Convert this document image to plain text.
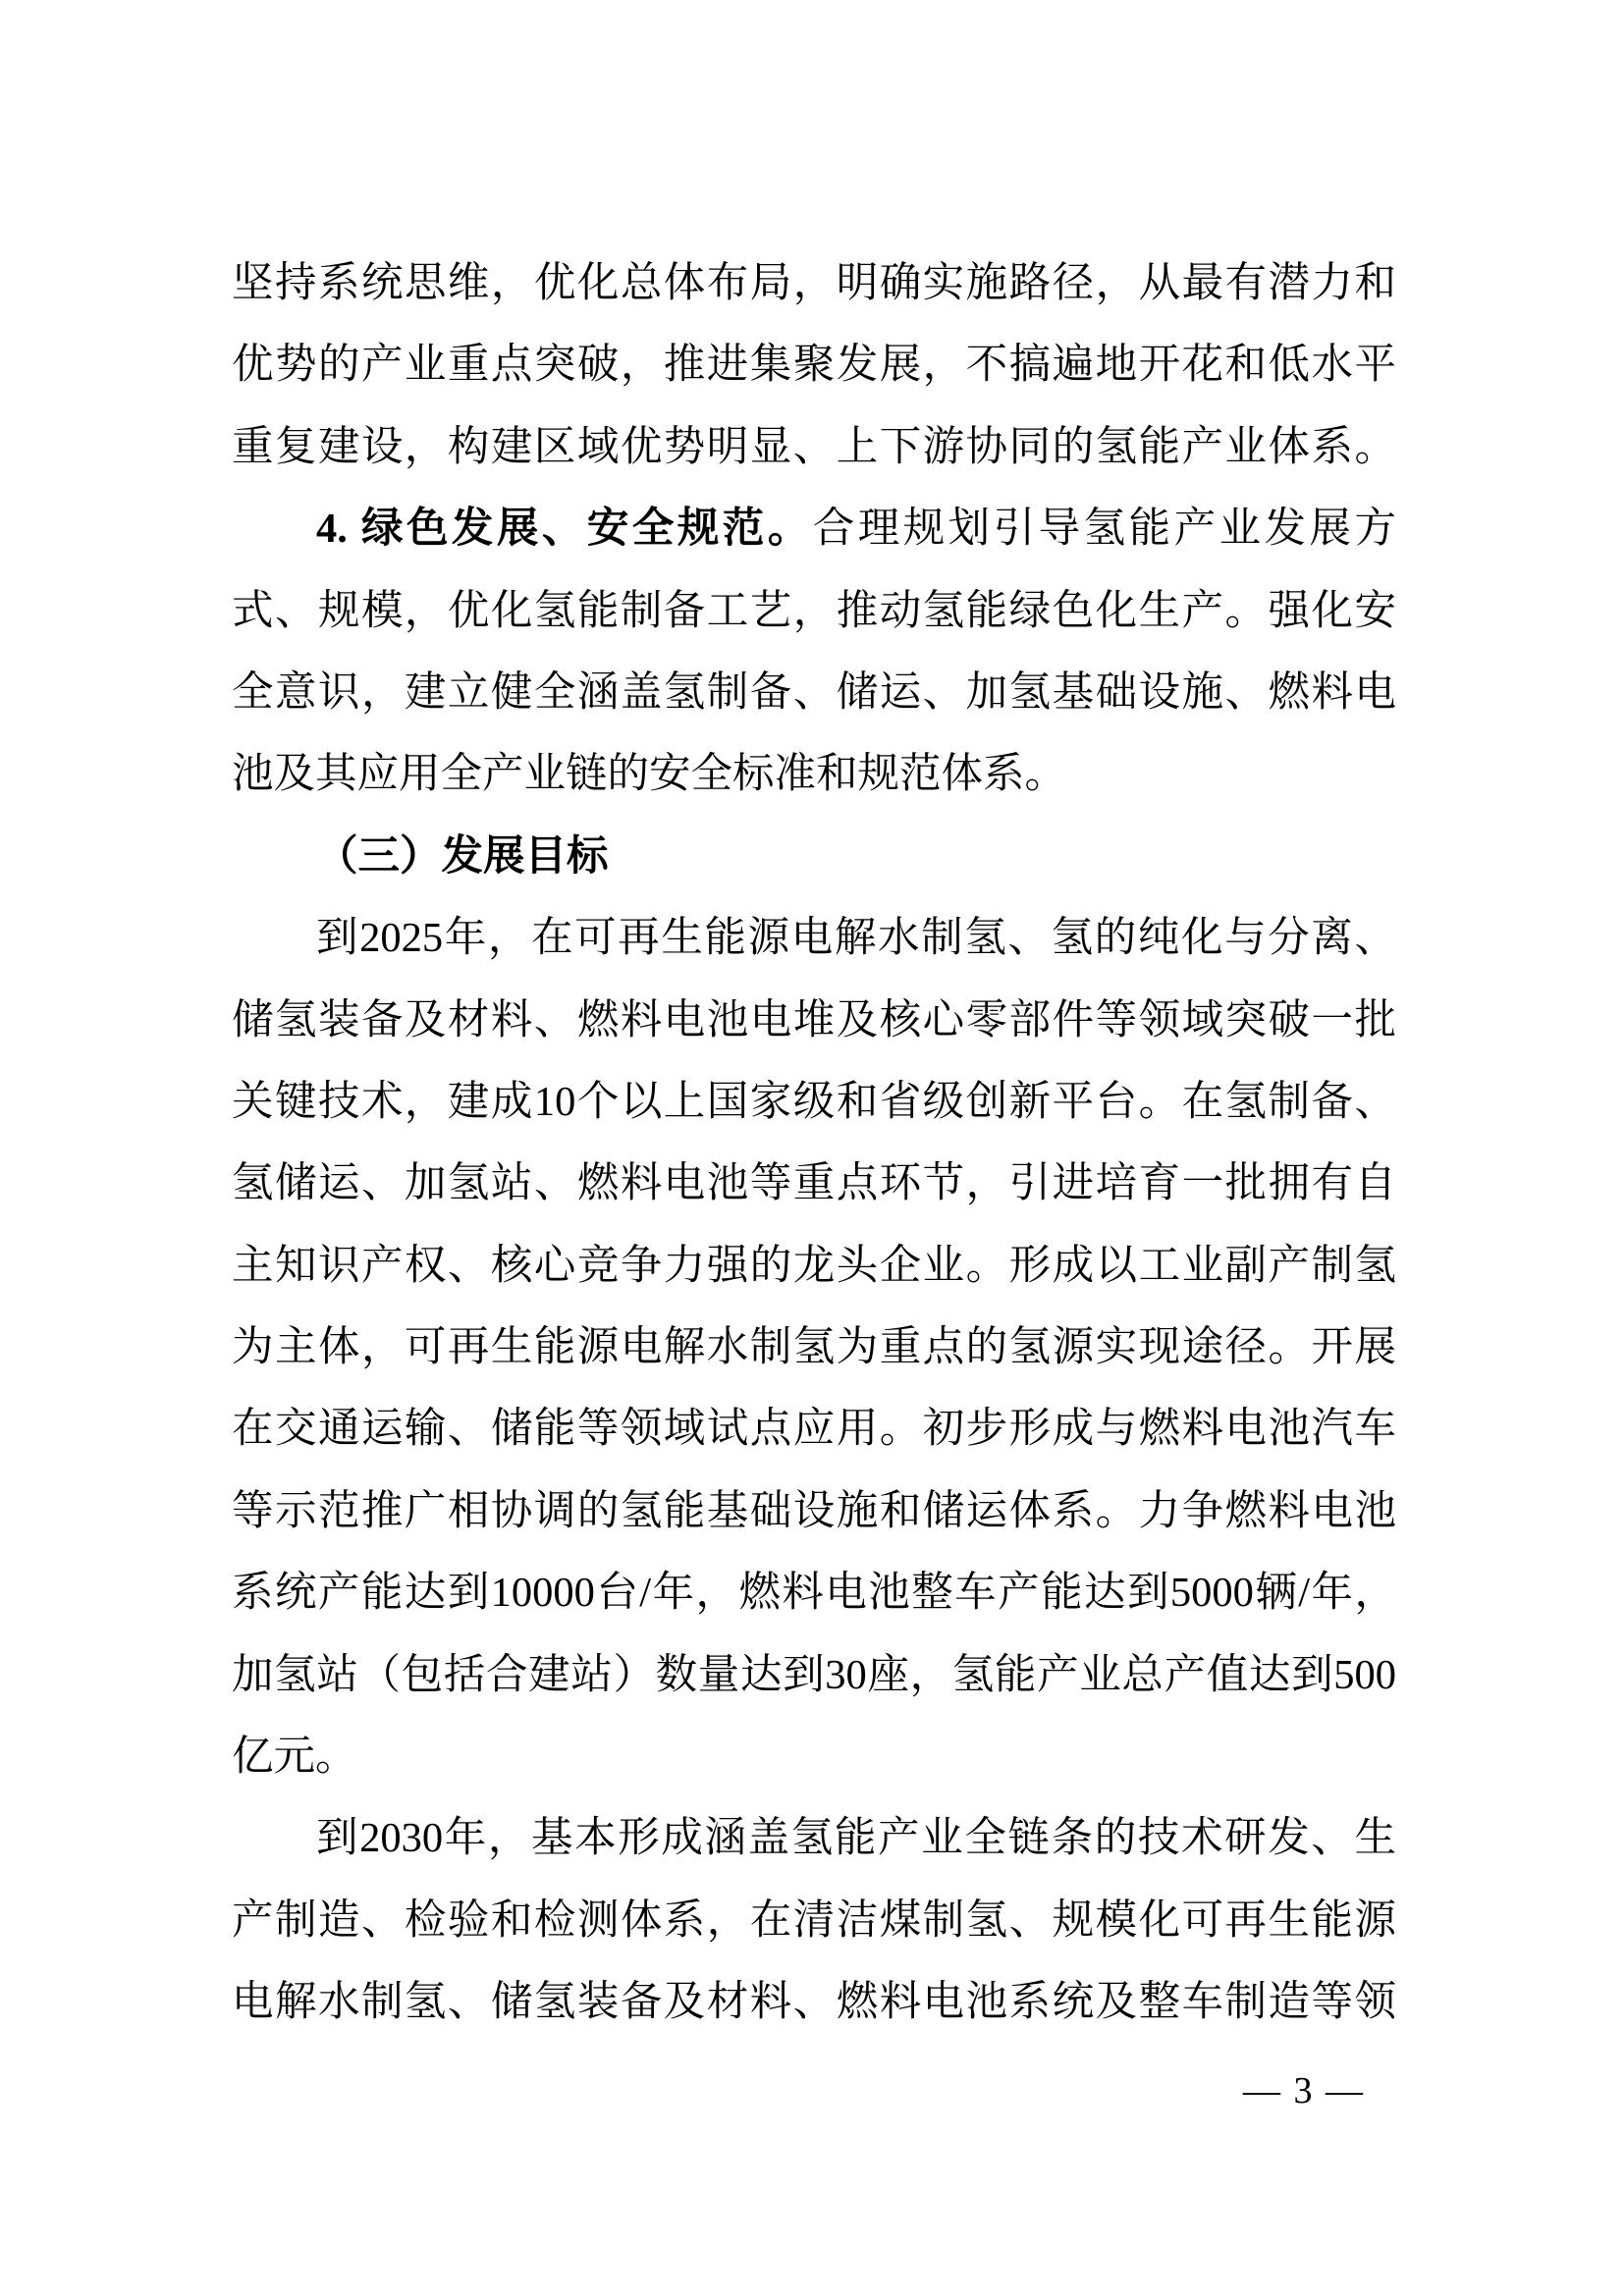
坚持系统思维，优化总体布局，明确实施路径，从最有潜力和
优势的产业重点突破，推进集聚发展，不搞遍地开花和低水平
重复建设，构建区域优势明显、上下游协同的氢能产业体系。
4. 绿色发展、安全规范。合理规划引导氢能产业发展方
式、规模，优化氢能制备工艺，推动氢能绿色化生产。强化安
全意识，建立健全涵盖氢制备、储运、加氢基础设施、燃料电
池及其应用全产业链的安全标准和规范体系。
（三）发展目标
到2025年，在可再生能源电解水制氢、氢的纯化与分离、
储氢装备及材料、燃料电池电堆及核心零部件等领域突破一批
关键技术，建成10个以上国家级和省级创新平台。在氢制备、
氢储运、加氢站、燃料电池等重点环节，引进培育一批拥有自
主知识产权、核心竞争力强的龙头企业。形成以工业副产制氢
为主体，可再生能源电解水制氢为重点的氢源实现途径。开展
在交通运输、储能等领域试点应用。初步形成与燃料电池汽车
等示范推广相协调的氢能基础设施和储运体系。力争燃料电池
系统产能达到10000台/年，燃料电池整车产能达到5000辆/年，
加氢站（包括合建站）数量达到30座，氢能产业总产值达到500
亿元。
到2030年，基本形成涵盖氢能产业全链条的技术研发、生
产制造、检验和检测体系，在清洁煤制氢、规模化可再生能源
电解水制氢、储氢装备及材料、燃料电池系统及整车制造等领
— 3 —
